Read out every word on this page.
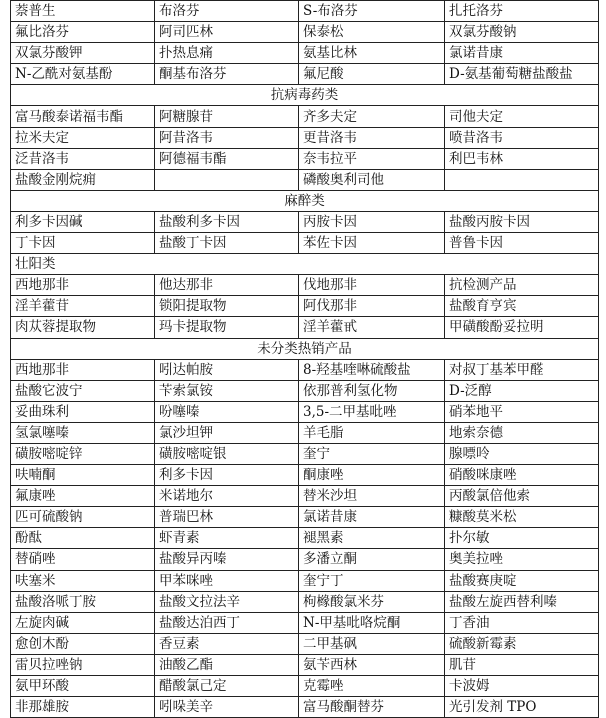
萘普生	布洛芬	S-布洛芬	扎托洛芬
氟比洛芬	阿司匹林	保泰松	双氯芬酸钠
双氯芬酸钾	扑热息痛	氨基比林	氯诺昔康
N-乙酰对氨基酚	酮基布洛芬	氟尼酸	D-氨基葡萄糖盐酸盐
抗病毒药类			
富马酸泰诺福韦酯	阿糖腺苷	齐多夫定	司他夫定
拉米夫定	阿昔洛韦	更昔洛韦	喷昔洛韦
泛昔洛韦	阿德福韦酯	奈韦拉平	利巴韦林
盐酸金刚烷痈		磷酸奥利司他	
麻醉类			
利多卡因碱	盐酸利多卡因	丙胺卡因	盐酸丙胺卡因
丁卡因	盐酸丁卡因	苯佐卡因	普鲁卡因
壮阳类			
西地那非	他达那非	伐地那非	抗检测产品
淫羊藿苷	锁阳提取物	阿伐那非	盐酸育亨宾
肉苁蓉提取物	玛卡提取物	淫羊藿甙	甲磺酸酚妥拉明
未分类热销产品			
西地那非	吲达帕胺	8-羟基喹啉硫酸盐	对叔丁基苯甲醛
盐酸它波宁	苄索氯铵	依那普利氢化物	D-泛醇
妥曲珠利	吩噻嗪	3,5-二甲基吡唑	硝苯地平
氢氯噻嗪	氯沙坦钾	羊毛脂	地索奈德
磺胺嘧啶锌	磺胺嘧啶银	奎宁	腺嘌呤
呋喃酮	利多卡因	酮康唑	硝酸咪康唑
氟康唑	米诺地尔	替米沙坦	丙酸氯倍他索
匹可硫酸钠	普瑞巴林	氯诺昔康	糠酸莫米松
酚酞	虾青素	褪黑素	扑尔敏
替硝唑	盐酸异丙嗪	多潘立酮	奥美拉唑
呋塞米	甲苯咪唑	奎宁丁	盐酸赛庚啶
盐酸洛哌丁胺	盐酸文拉法辛	枸橼酸氯米芬	盐酸左旋西替利嗪
左旋肉碱	盐酸达泊西丁	N-甲基吡咯烷酮	丁香油
愈创木酚	香豆素	二甲基砜	硫酸新霉素
雷贝拉唑钠	油酸乙酯	氨苄西林	肌苷
氨甲环酸	醋酸氯己定	克霉唑	卡波姆
非那雄胺	吲哚美辛	富马酸酮替芬	光引发剂 TPO
